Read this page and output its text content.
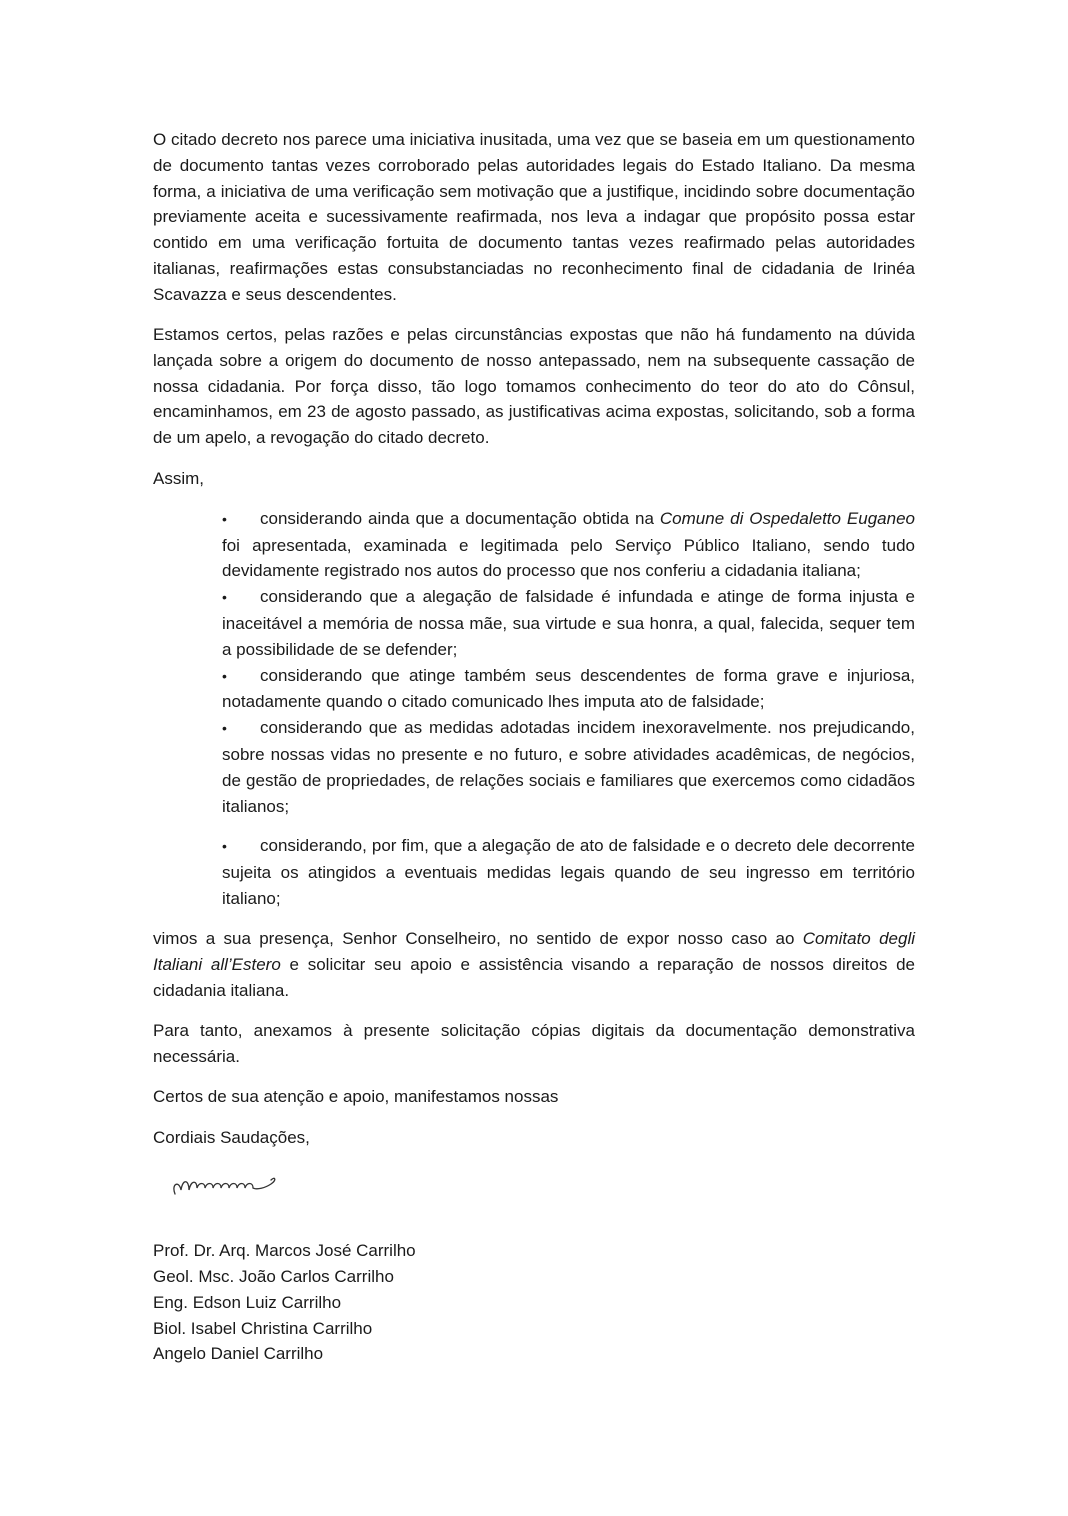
O citado decreto nos parece uma iniciativa inusitada, uma vez que se baseia em um questionamento de documento tantas vezes corroborado pelas autoridades legais do Estado Italiano. Da mesma forma, a iniciativa de uma verificação sem motivação que a justifique, incidindo sobre documentação previamente aceita e sucessivamente reafirmada, nos leva a indagar que propósito possa estar contido em uma verificação fortuita de documento tantas vezes reafirmado pelas autoridades italianas, reafirmações estas consubstanciadas no reconhecimento final de cidadania de Irinéa Scavazza e seus descendentes.

Estamos certos, pelas razões e pelas circunstâncias expostas que não há fundamento na dúvida lançada sobre a origem do documento de nosso antepassado, nem na subsequente cassação de nossa cidadania. Por força disso, tão logo tomamos conhecimento do teor do ato do Cônsul, encaminhamos, em 23 de agosto passado, as justificativas acima expostas, solicitando, sob a forma de um apelo, a revogação do citado decreto.

Assim,

• considerando ainda que a documentação obtida na Comune di Ospedaletto Euganeo foi apresentada, examinada e legitimada pelo Serviço Público Italiano, sendo tudo devidamente registrado nos autos do processo que nos conferiu a cidadania italiana;

• considerando que a alegação de falsidade é infundada e atinge de forma injusta e inaceitável a memória de nossa mãe, sua virtude e sua honra, a qual, falecida, sequer tem a possibilidade de se defender;

• considerando que atinge também seus descendentes de forma grave e injuriosa, notadamente quando o citado comunicado lhes imputa ato de falsidade;

• considerando que as medidas adotadas incidem inexoravelmente. nos prejudicando, sobre nossas vidas no presente e no futuro, e sobre atividades acadêmicas, de negócios, de gestão de propriedades, de relações sociais e familiares que exercemos como cidadãos italianos;

• considerando, por fim, que a alegação de ato de falsidade e o decreto dele decorrente sujeita os atingidos a eventuais medidas legais quando de seu ingresso em território italiano;

vimos a sua presença, Senhor Conselheiro, no sentido de expor nosso caso ao Comitato degli Italiani all’Estero e solicitar seu apoio e assistência visando a reparação de nossos direitos de cidadania italiana.

Para tanto, anexamos à presente solicitação cópias digitais da documentação demonstrativa necessária.

Certos de sua atenção e apoio, manifestamos nossas

Cordiais Saudações,

Prof. Dr. Arq. Marcos José Carrilho

Geol. Msc. João Carlos Carrilho

Eng. Edson Luiz Carrilho

Biol. Isabel Christina Carrilho

Angelo Daniel Carrilho
